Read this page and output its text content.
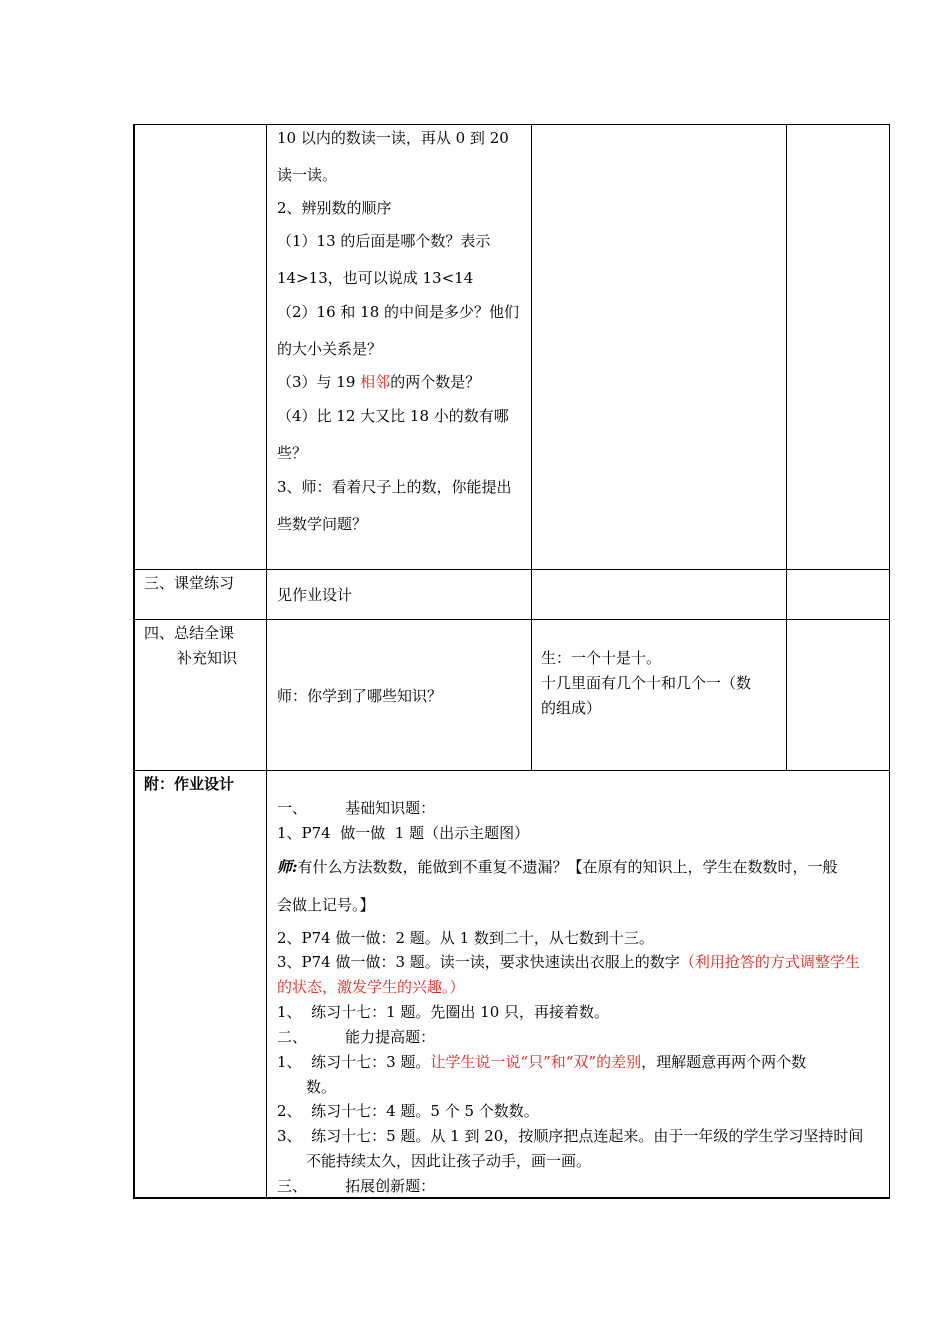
10 以内的数读一读，再从 0 到 20
读一读。
2、辨别数的顺序
（1）13 的后面是哪个数？表示
14>13，也可以说成 13<14
（2）16 和 18 的中间是多少？他们
的大小关系是？
（3）与 19 相邻的两个数是？
（4）比 12 大又比 18 小的数有哪
些？
3、师：看着尺子上的数，你能提出
些数学问题？
三、课堂练习
见作业设计
四、总结全课
补充知识
师：你学到了哪些知识？
生：一个十是十。
十几里面有几个十和几个一（数
的组成）
附：作业设计
一、        基础知识题：
1、P74  做一做  1 题（出示主题图）
师:有什么方法数数，能做到不重复不遗漏？【在原有的知识上，学生在数数时，一般
会做上记号。】
2、P74 做一做：2 题。从 1 数到二十，从七数到十三。
3、P74 做一做：3 题。读一读，要求快速读出衣服上的数字（利用抢答的方式调整学生
的状态，激发学生的兴趣。）
1、  练习十七：1 题。先圈出 10 只，再接着数。
二、        能力提高题：
1、  练习十七：3 题。让学生说一说“只”和“双”的差别，理解题意再两个两个数
数。
2、  练习十七：4 题。5 个 5 个数数。
3、  练习十七：5 题。从 1 到 20，按顺序把点连起来。由于一年级的学生学习坚持时间
不能持续太久，因此让孩子动手，画一画。
三、        拓展创新题：
